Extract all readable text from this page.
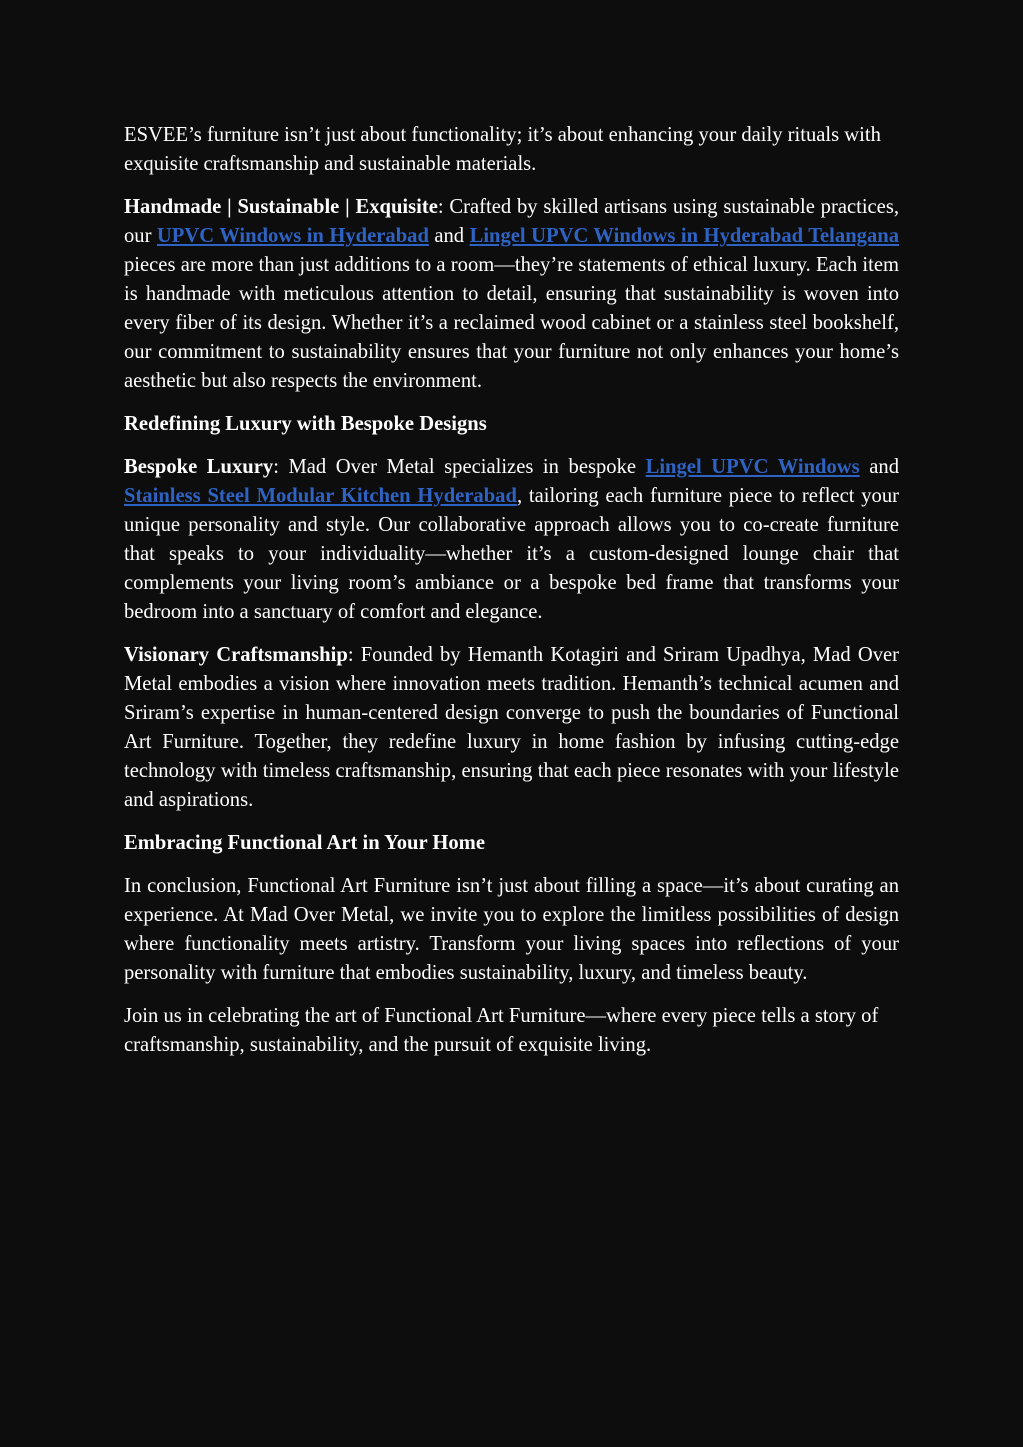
ESVEE’s furniture isn’t just about functionality; it’s about enhancing your daily rituals with exquisite craftsmanship and sustainable materials.

Handmade | Sustainable | Exquisite: Crafted by skilled artisans using sustainable practices, our UPVC Windows in Hyderabad and Lingel UPVC Windows in Hyderabad Telangana pieces are more than just additions to a room—they’re statements of ethical luxury. Each item is handmade with meticulous attention to detail, ensuring that sustainability is woven into every fiber of its design. Whether it’s a reclaimed wood cabinet or a stainless steel bookshelf, our commitment to sustainability ensures that your furniture not only enhances your home’s aesthetic but also respects the environment.

Redefining Luxury with Bespoke Designs

Bespoke Luxury: Mad Over Metal specializes in bespoke Lingel UPVC Windows and Stainless Steel Modular Kitchen Hyderabad, tailoring each furniture piece to reflect your unique personality and style. Our collaborative approach allows you to co-create furniture that speaks to your individuality—whether it’s a custom-designed lounge chair that complements your living room’s ambiance or a bespoke bed frame that transforms your bedroom into a sanctuary of comfort and elegance.

Visionary Craftsmanship: Founded by Hemanth Kotagiri and Sriram Upadhya, Mad Over Metal embodies a vision where innovation meets tradition. Hemanth’s technical acumen and Sriram’s expertise in human-centered design converge to push the boundaries of Functional Art Furniture. Together, they redefine luxury in home fashion by infusing cutting-edge technology with timeless craftsmanship, ensuring that each piece resonates with your lifestyle and aspirations.

Embracing Functional Art in Your Home

In conclusion, Functional Art Furniture isn’t just about filling a space—it’s about curating an experience. At Mad Over Metal, we invite you to explore the limitless possibilities of design where functionality meets artistry. Transform your living spaces into reflections of your personality with furniture that embodies sustainability, luxury, and timeless beauty.

Join us in celebrating the art of Functional Art Furniture—where every piece tells a story of craftsmanship, sustainability, and the pursuit of exquisite living.
